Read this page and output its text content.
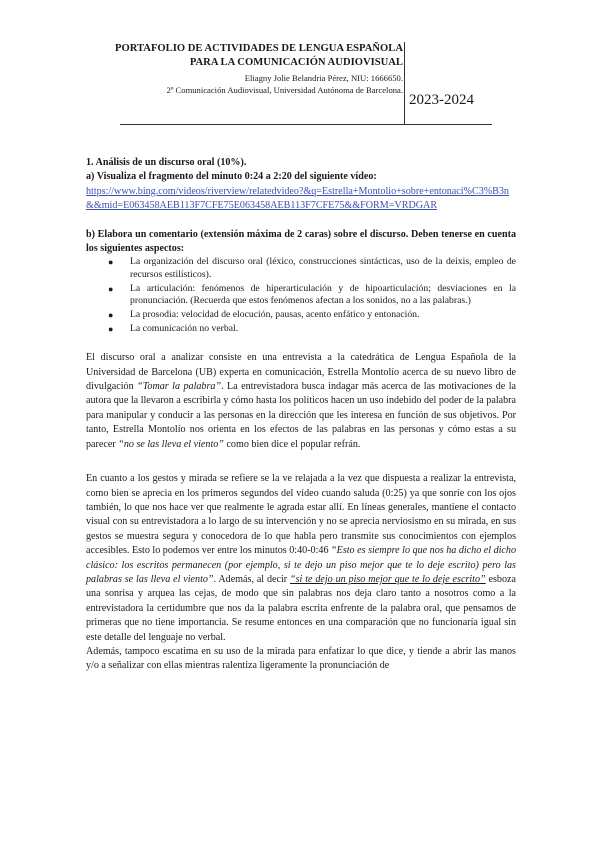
PORTAFOLIO DE ACTIVIDADES DE LENGUA ESPAÑOLA PARA LA COMUNICACIÓN AUDIOVISUAL
Eliagny Jolie Belandria Pérez, NIU: 1666650.
2º Comunicación Audiovisual, Universidad Autónoma de Barcelona.
2023-2024
1. Análisis de un discurso oral (10%).
a) Visualiza el fragmento del minuto 0:24 a 2:20 del siguiente vídeo:
https://www.bing.com/videos/riverview/relatedvideo?&q=Estrella+Montolio+sobre+entonaci%C3%B3n&&mid=E063458AEB113F7CFE75E063458AEB113F7CFE75&&FORM=VRDGAR
b) Elabora un comentario (extensión máxima de 2 caras) sobre el discurso. Deben tenerse en cuenta los siguientes aspectos:
● La organización del discurso oral (léxico, construcciones sintácticas, uso de la deixis, empleo de recursos estilísticos).
● La articulación: fenómenos de hiperarticulación y de hipoarticulación; desviaciones en la pronunciación. (Recuerda que estos fenómenos afectan a los sonidos, no a las palabras.)
● La prosodia: velocidad de elocución, pausas, acento enfático y entonación.
● La comunicación no verbal.

El discurso oral a analizar consiste en una entrevista a la catedrática de Lengua Española de la Universidad de Barcelona (UB) experta en comunicación, Estrella Montolío acerca de su nuevo libro de divulgación “Tomar la palabra”. La entrevistadora busca indagar más acerca de las motivaciones de la autora que la llevaron a escribirla y cómo hasta los políticos hacen un uso indebido del poder de la palabra para manipular y conducir a las personas en la dirección que les interesa en función de sus objetivos. Por tanto, Estrella Montolío nos orienta en los efectos de las palabras en las personas y cómo estas a su parecer “no se las lleva el viento” como bien dice el popular refrán.

En cuanto a los gestos y mirada se refiere se la ve relajada a la vez que dispuesta a realizar la entrevista, como bien se aprecia en los primeros segundos del vídeo cuando saluda (0:25) ya que sonríe con los ojos también, lo que nos hace ver que realmente le agrada estar allí. En líneas generales, mantiene el contacto visual con su entrevistadora a lo largo de su intervención y no se aprecia nerviosismo en su mirada, en sus gestos se muestra segura y conocedora de lo que habla pero transmite sus conocimientos con ejemplos accesibles. Esto lo podemos ver entre los minutos 0:40-0:46 “Esto es siempre lo que nos ha dicho el dicho clásico: los escritos permanecen (por ejemplo, si te dejo un piso mejor que te lo deje escrito) pero las palabras se las lleva el viento”. Además, al decir “si te dejo un piso mejor que te lo deje escrito” esboza una sonrisa y arquea las cejas, de modo que sin palabras nos deja claro tanto a nosotros como a la entrevistadora la certidumbre que nos da la palabra escrita enfrente de la palabra oral, que pensamos de primeras que no tiene importancia. Se resume entonces en una comparación que no funcionaría igual sin este detalle del lenguaje no verbal.

Además, tampoco escatima en su uso de la mirada para enfatizar lo que dice, y tiende a abrir las manos y/o a señalizar con ellas mientras ralentiza ligeramente la pronunciación de
